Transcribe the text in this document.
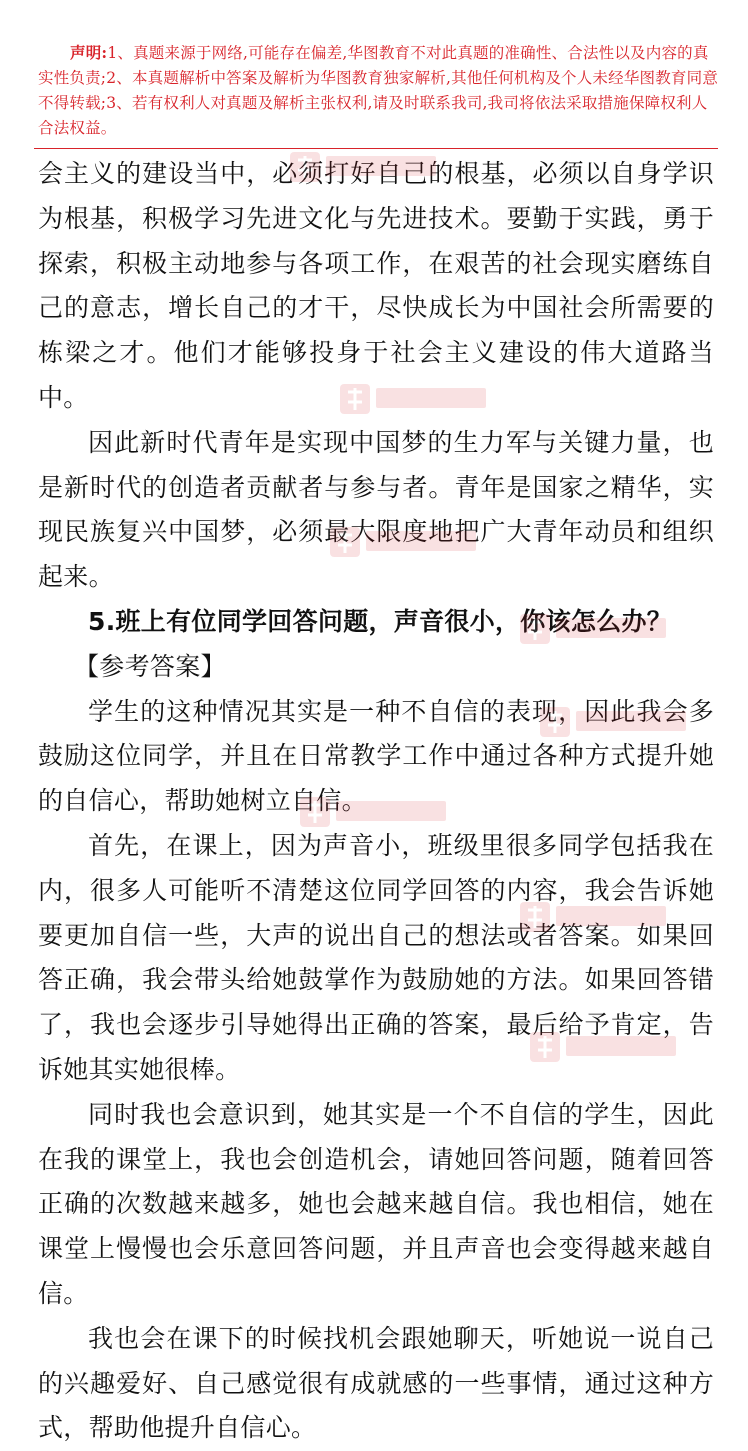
声明:1、真题来源于网络,可能存在偏差,华图教育不对此真题的准确性、合法性以及内容的真实性负责;2、本真题解析中答案及解析为华图教育独家解析,其他任何机构及个人未经华图教育同意不得转载;3、若有权利人对真题及解析主张权利,请及时联系我司,我司将依法采取措施保障权利人合法权益。

会主义的建设当中，必须打好自己的根基，必须以自身学识为根基，积极学习先进文化与先进技术。要勤于实践，勇于探索，积极主动地参与各项工作，在艰苦的社会现实磨练自己的意志，增长自己的才干，尽快成长为中国社会所需要的栋梁之才。他们才能够投身于社会主义建设的伟大道路当中。

因此新时代青年是实现中国梦的生力军与关键力量，也是新时代的创造者贡献者与参与者。青年是国家之精华，实现民族复兴中国梦，必须最大限度地把广大青年动员和组织起来。

5.班上有位同学回答问题，声音很小，你该怎么办？

【参考答案】

学生的这种情况其实是一种不自信的表现，因此我会多鼓励这位同学，并且在日常教学工作中通过各种方式提升她的自信心，帮助她树立自信。

首先，在课上，因为声音小，班级里很多同学包括我在内，很多人可能听不清楚这位同学回答的内容，我会告诉她要更加自信一些，大声的说出自己的想法或者答案。如果回答正确，我会带头给她鼓掌作为鼓励她的方法。如果回答错了，我也会逐步引导她得出正确的答案，最后给予肯定，告诉她其实她很棒。

同时我也会意识到，她其实是一个不自信的学生，因此在我的课堂上，我也会创造机会，请她回答问题，随着回答正确的次数越来越多，她也会越来越自信。我也相信，她在课堂上慢慢也会乐意回答问题，并且声音也会变得越来越自信。

我也会在课下的时候找机会跟她聊天，听她说一说自己的兴趣爱好、自己感觉很有成就感的一些事情，通过这种方式，帮助他提升自信心。
